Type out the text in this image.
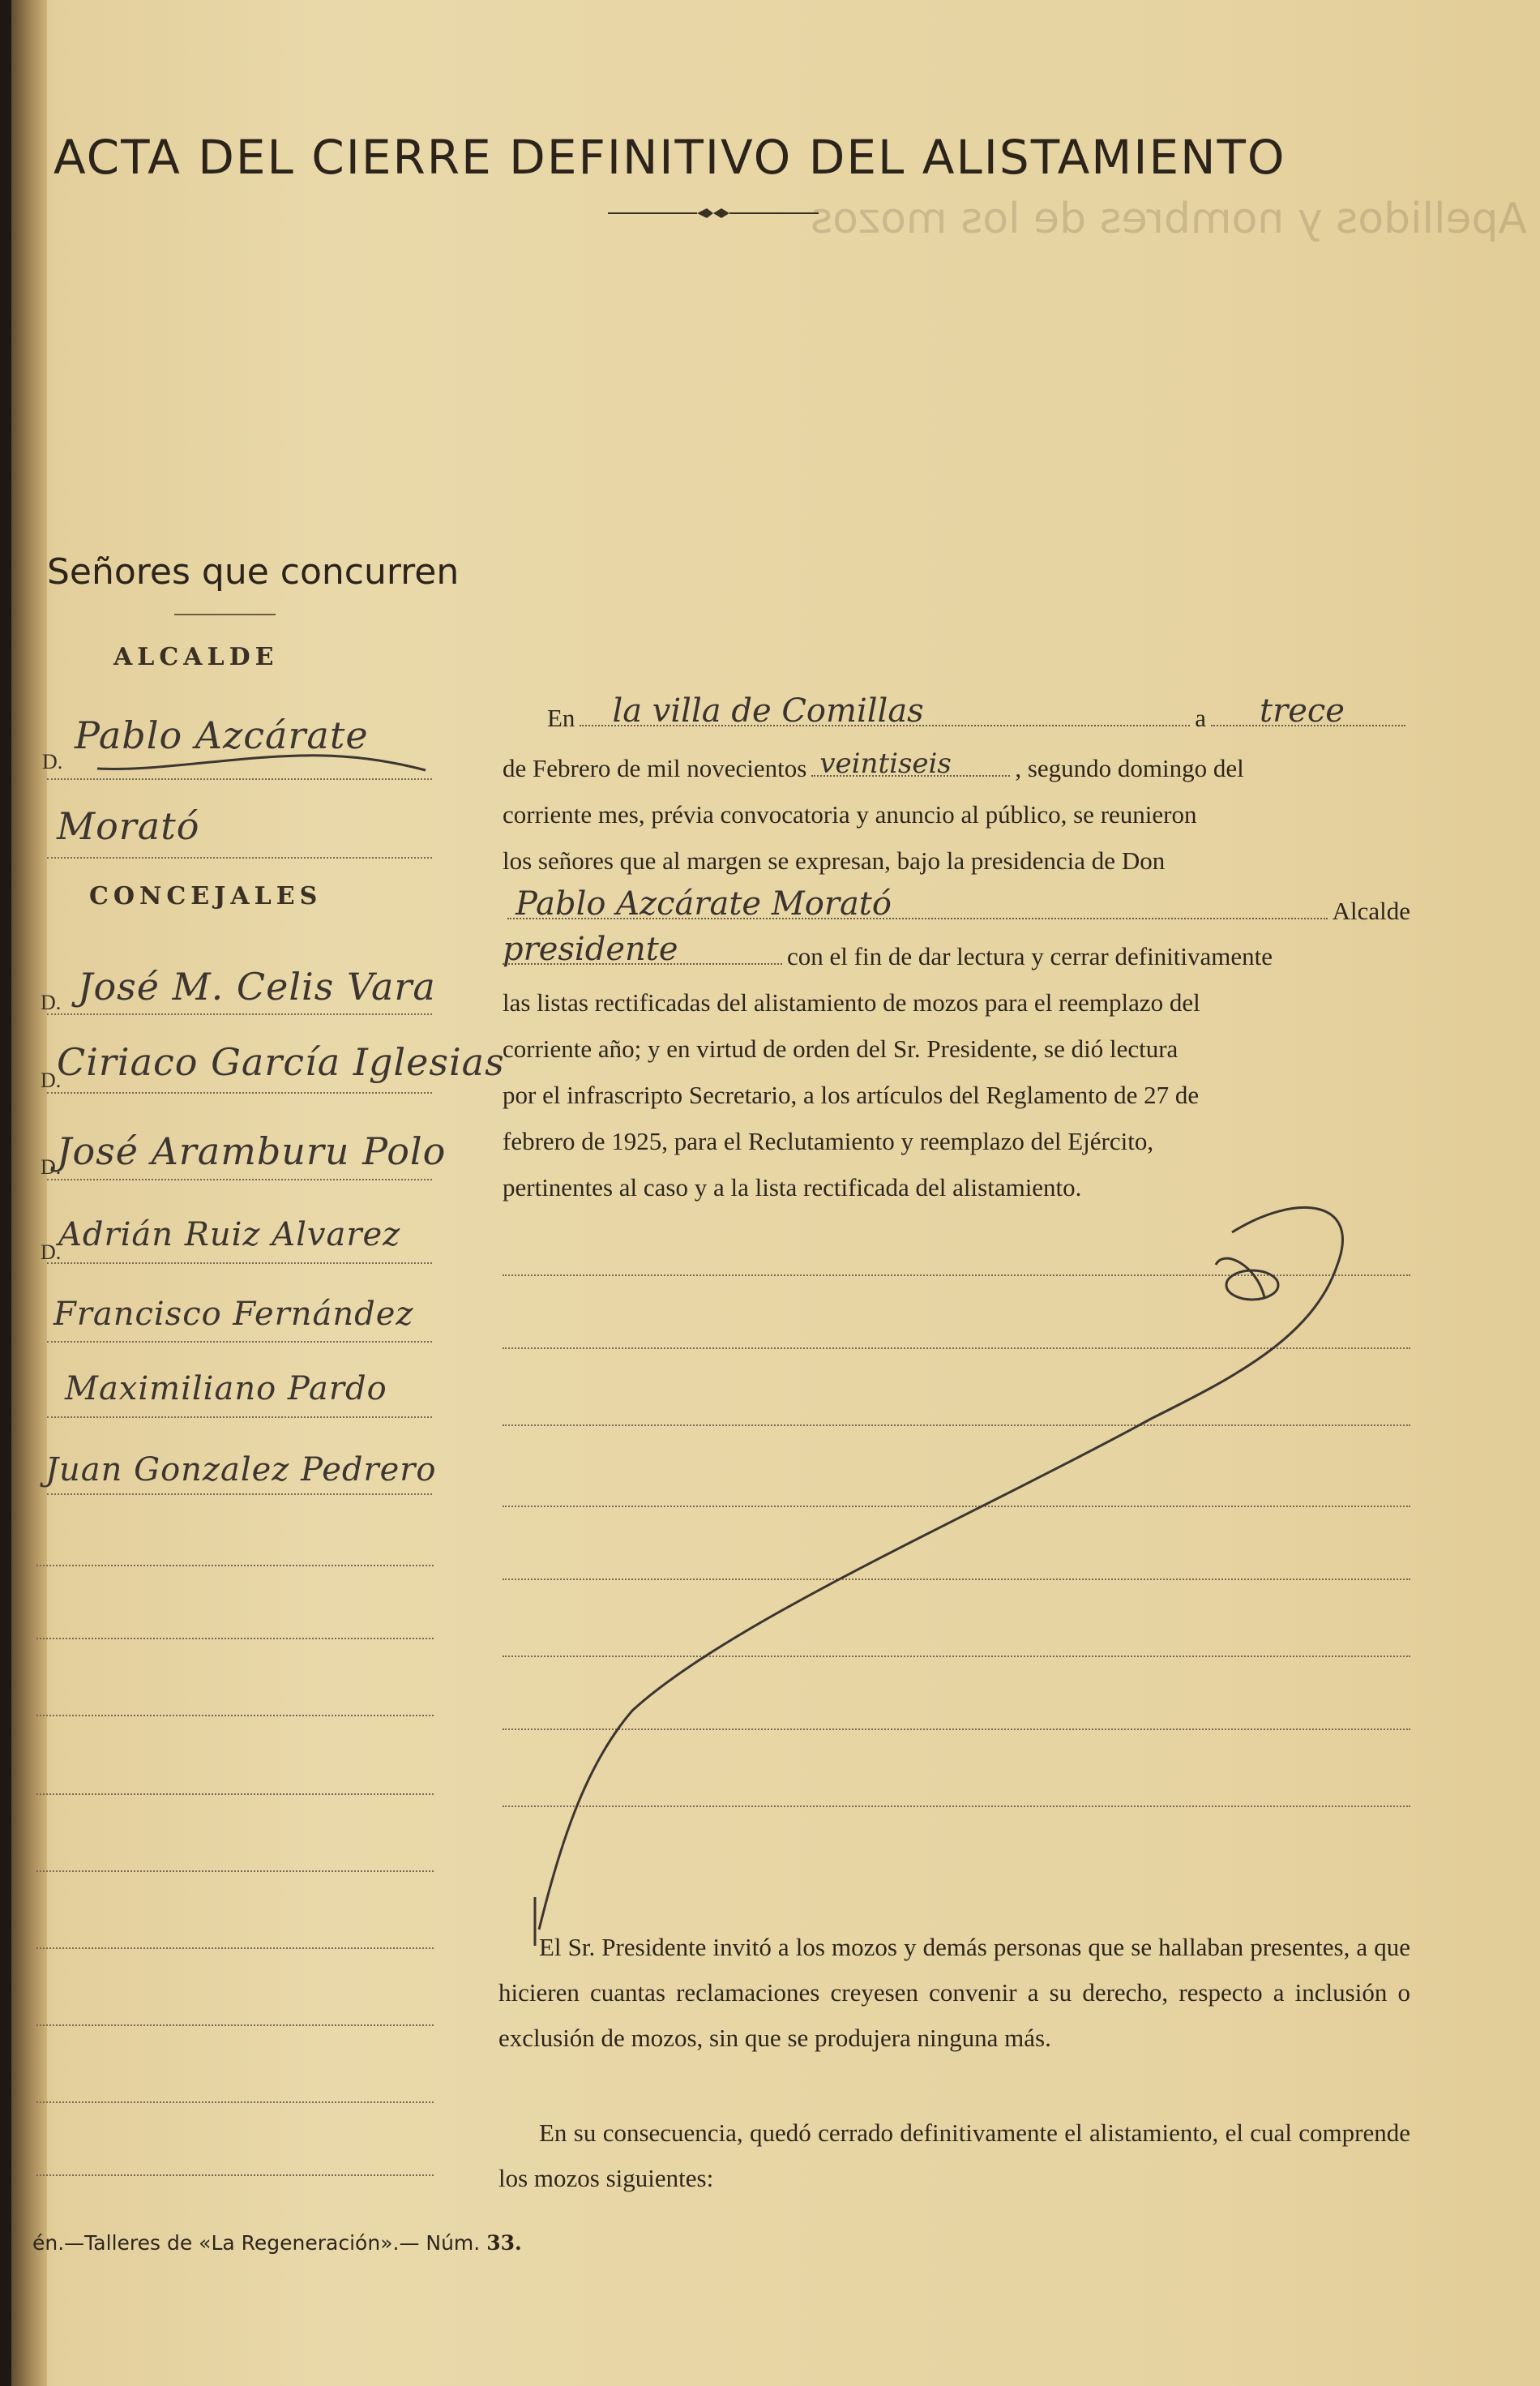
Apellidos y nombres de los mozos
ACTA DEL CIERRE DEFINITIVO DEL ALISTAMIENTO
Señores que concurren
ALCALDE
D.
Pablo Azcárate
Morató
CONCEJALES
D. José M. Celis Vara
D.
Ciriaco García Iglesias
D.
José Aramburu Polo
D.
Adrián Ruiz Alvarez
Francisco Fernández
Maximiliano Pardo
Juan Gonzalez Pedrero
En la villa de Comillas	a trece
de Febrero de mil novecientos veintiseis	, segundo domingo del
corriente mes, prévia convocatoria y anuncio al público, se reunieron
los señores que al margen se expresan, bajo la presidencia de Don
Pablo Azcárate Morató	Alcalde
presidente	con el fin de dar lectura y cerrar definitivamente
las listas rectificadas del alistamiento de mozos para el reemplazo del
corriente año; y en virtud de orden del Sr. Presidente, se dió lectura
por el infrascripto Secretario, a los artículos del Reglamento de 27 de
febrero de 1925, para el Reclutamiento y reemplazo del Ejército,
pertinentes al caso y a la lista rectificada del alistamiento.
El Sr. Presidente invitó a los mozos y demás personas que se hallaban presentes, a que hicieren cuantas reclamaciones creyesen convenir a su derecho, respecto a inclusión o exclusión de mozos, sin que se produjera ninguna más.
En su consecuencia, quedó cerrado definitivamente el alistamiento, el cual comprende los mozos siguientes:
én.—Talleres de «La Regeneración».— Núm. 33.
